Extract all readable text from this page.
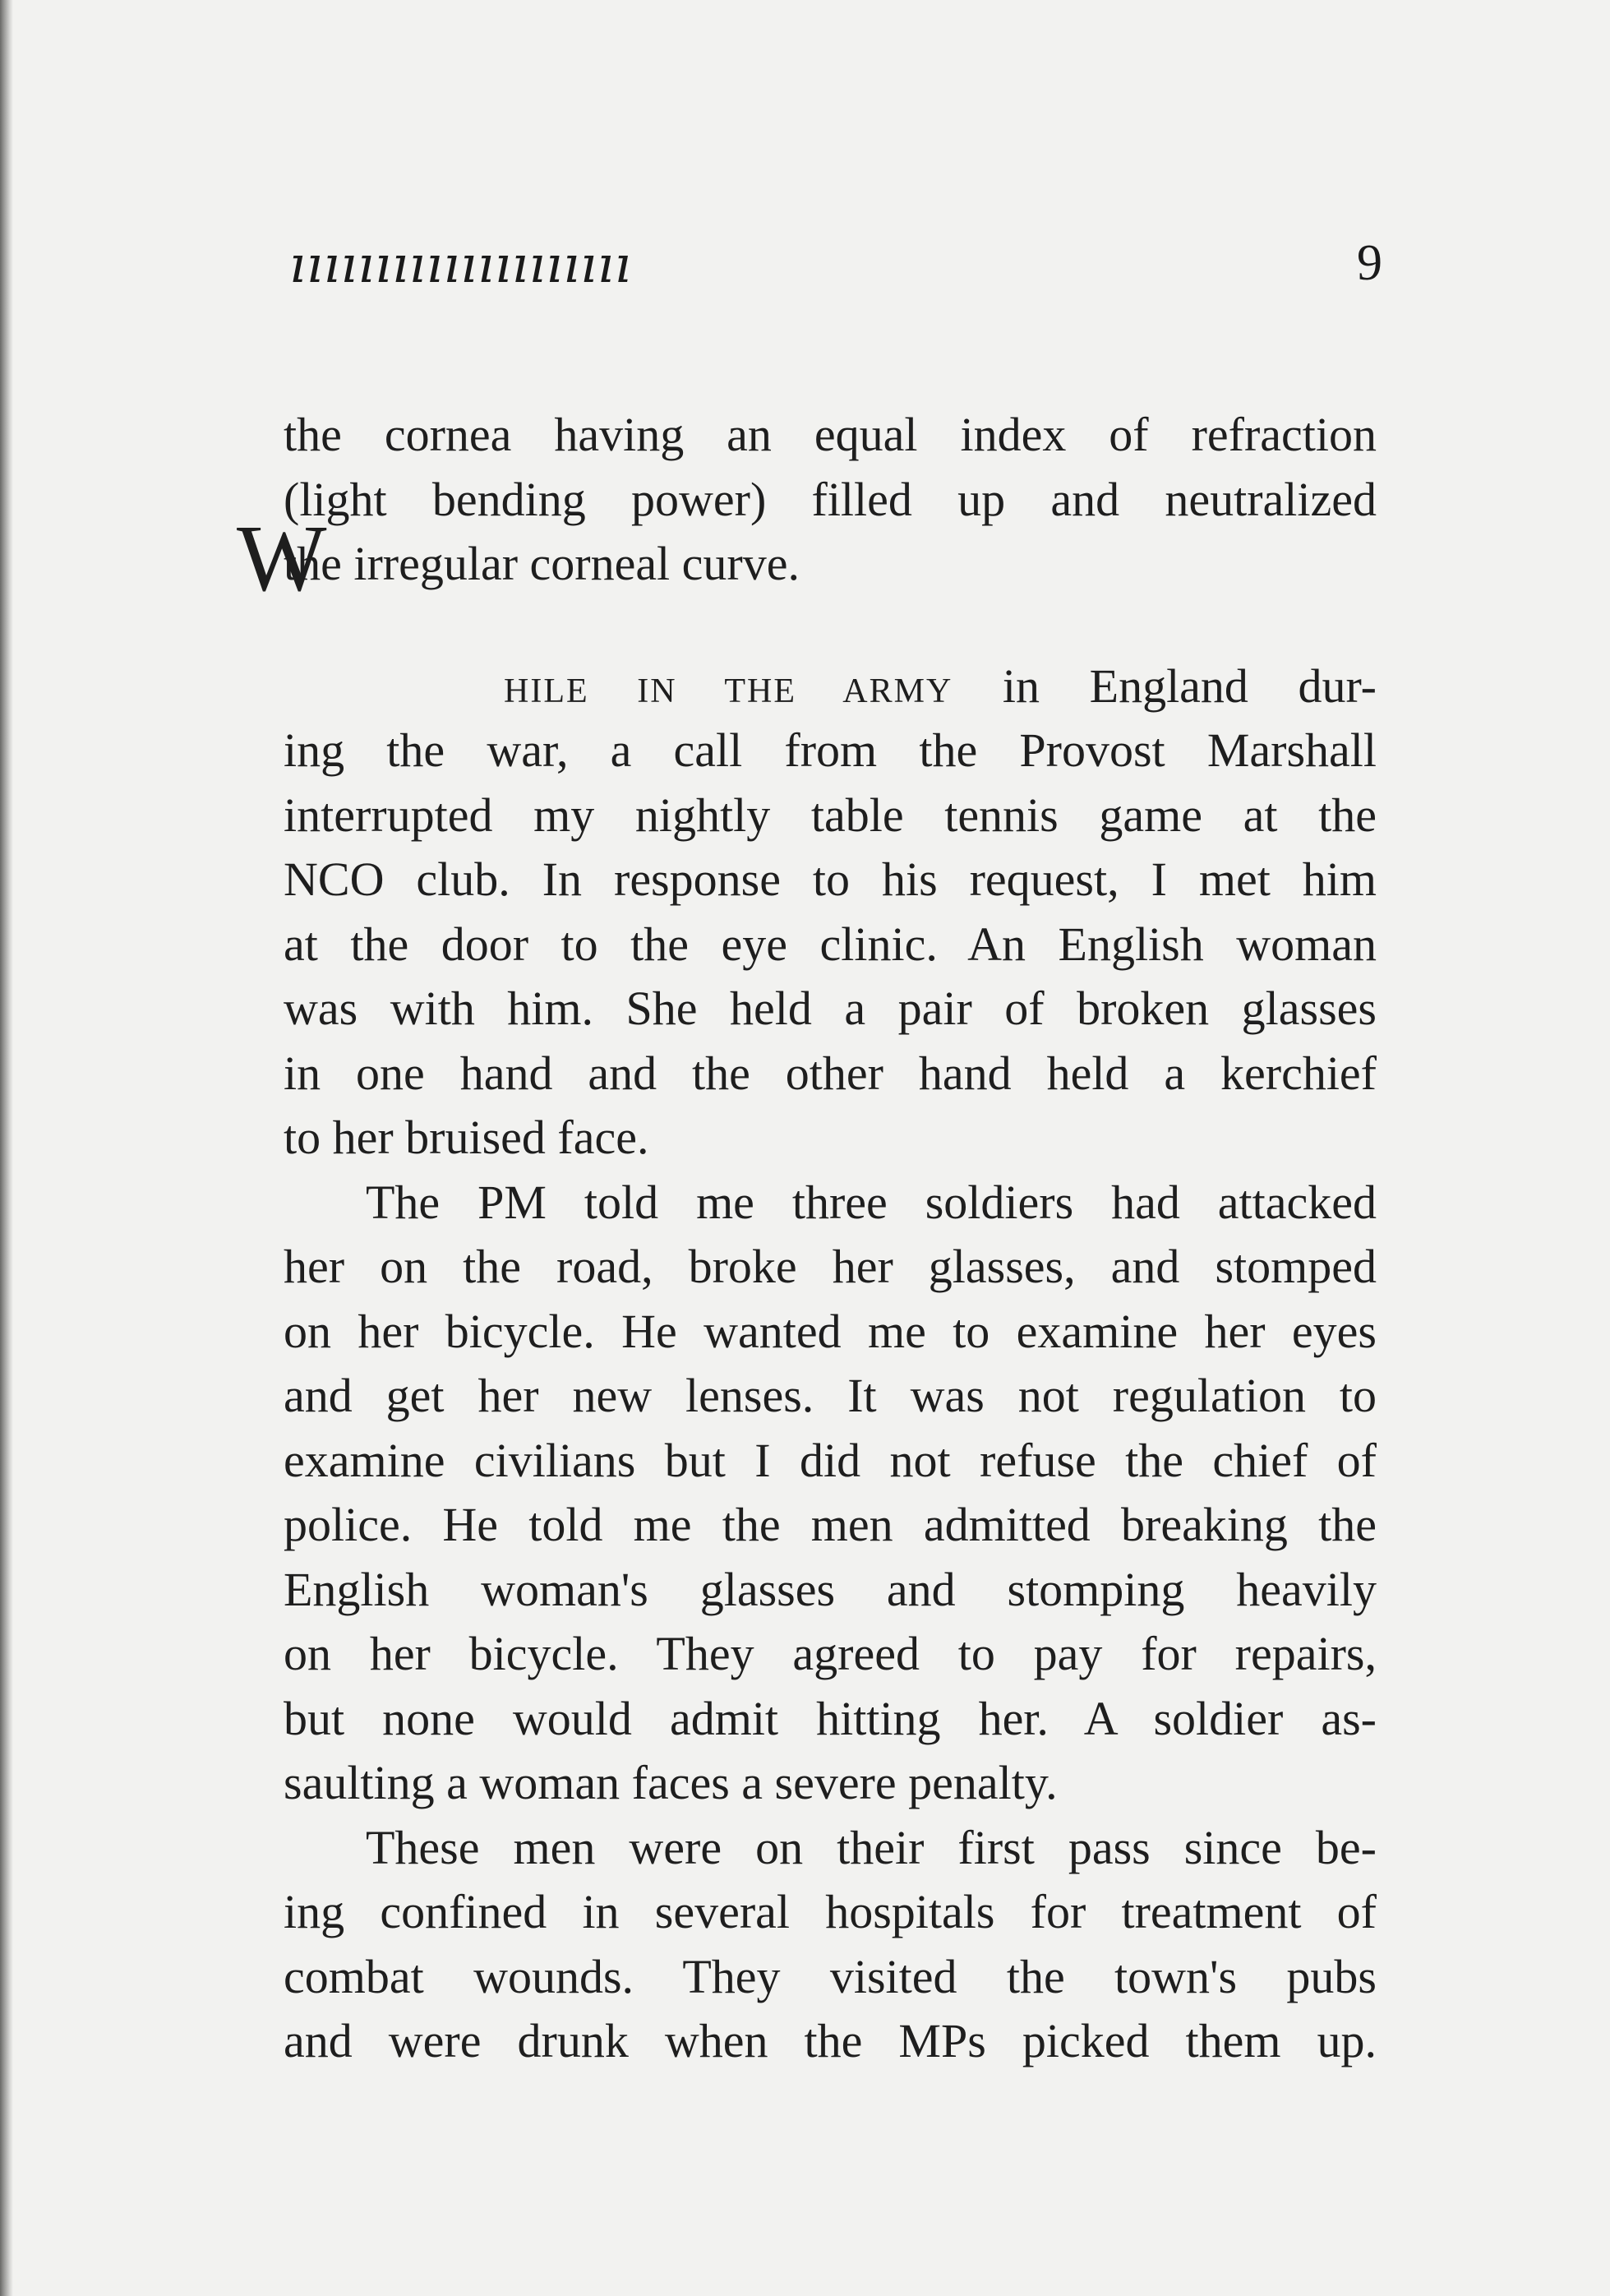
ıııııııııııııııııııı	9
W
the cornea having an equal index of refraction
(light bending power) filled up and neutralized
the irregular corneal curve.
HILE IN THE ARMY in England dur-
ing the war, a call from the Provost Marshall
interrupted my nightly table tennis game at the
NCO club. In response to his request, I met him
at the door to the eye clinic. An English woman
was with him. She held a pair of broken glasses
in one hand and the other hand held a kerchief
to her bruised face.
The PM told me three soldiers had attacked
her on the road, broke her glasses, and stomped
on her bicycle. He wanted me to examine her eyes
and get her new lenses. It was not regulation to
examine civilians but I did not refuse the chief of
police. He told me the men admitted breaking the
English woman's glasses and stomping heavily
on her bicycle. They agreed to pay for repairs,
but none would admit hitting her. A soldier as-
saulting a woman faces a severe penalty.
These men were on their first pass since be-
ing confined in several hospitals for treatment of
combat wounds. They visited the town's pubs
and were drunk when the MPs picked them up.
